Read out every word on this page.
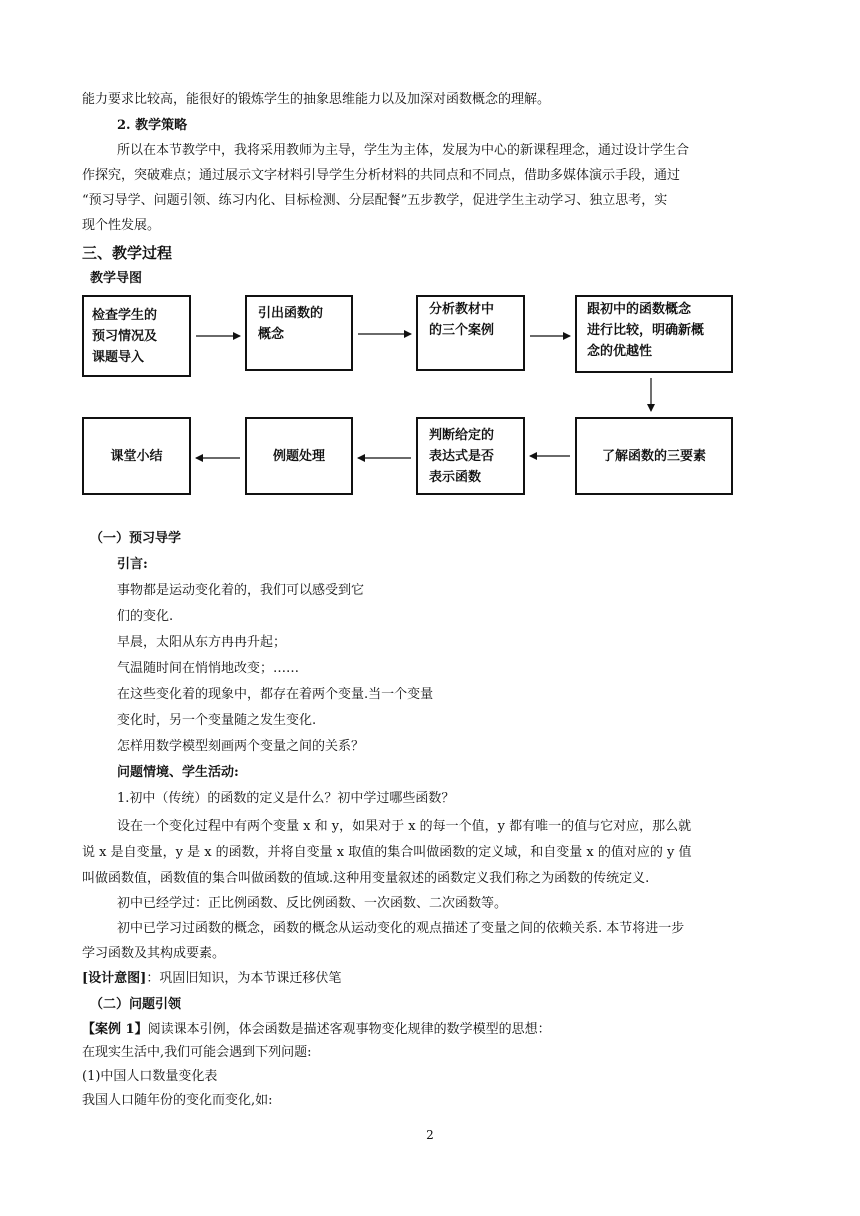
能力要求比较高，能很好的锻炼学生的抽象思维能力以及加深对函数概念的理解。
2. 教学策略
所以在本节教学中，我将采用教师为主导，学生为主体，发展为中心的新课程理念，通过设计学生合
作探究，突破难点；通过展示文字材料引导学生分析材料的共同点和不同点，借助多媒体演示手段，通过
“预习导学、问题引领、练习内化、目标检测、分层配餐”五步教学，促进学生主动学习、独立思考，实
现个性发展。
三、教学过程
教学导图
检查学生的
预习情况及
课题导入
引出函数的
概念
分析教材中
的三个案例
跟初中的函数概念
进行比较，明确新概
念的优越性
课堂小结	例题处理
判断给定的
表达式是否
表示函数
了解函数的三要素
（一）预习导学
引言:
事物都是运动变化着的，我们可以感受到它
们的变化.
早晨，太阳从东方冉冉升起；
气温随时间在悄悄地改变；……
在这些变化着的现象中，都存在着两个变量.当一个变量
变化时，另一个变量随之发生变化.
怎样用数学模型刻画两个变量之间的关系？
问题情境、学生活动:
1.初中（传统）的函数的定义是什么？初中学过哪些函数？
设在一个变化过程中有两个变量 x 和 y，如果对于 x 的每一个值，y 都有唯一的值与它对应，那么就
说 x 是自变量，y 是 x 的函数，并将自变量 x 取值的集合叫做函数的定义域，和自变量 x 的值对应的 y 值
叫做函数值，函数值的集合叫做函数的值域.这种用变量叙述的函数定义我们称之为函数的传统定义.
初中已经学过：正比例函数、反比例函数、一次函数、二次函数等。
初中已学习过函数的概念，函数的概念从运动变化的观点描述了变量之间的依赖关系. 本节将进一步
学习函数及其构成要素。
[设计意图]：巩固旧知识，为本节课迁移伏笔
（二）问题引领
【案例 1】阅读课本引例，体会函数是描述客观事物变化规律的数学模型的思想：
在现实生活中,我们可能会遇到下列问题:
(1)中国人口数量变化表
我国人口随年份的变化而变化,如:
2
